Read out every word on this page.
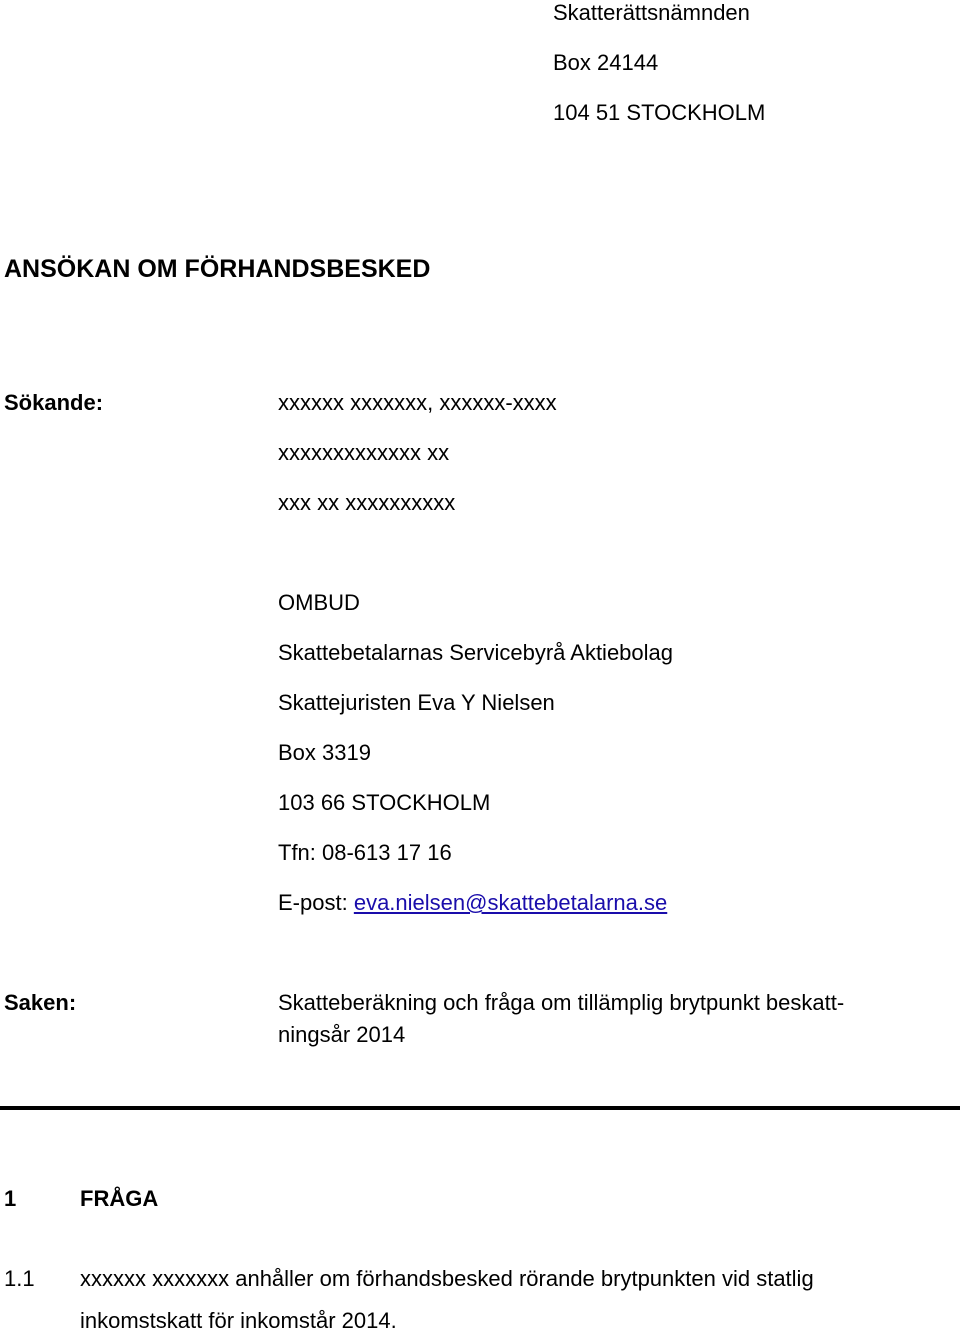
Skatterättsnämnden
Box 24144
104 51 STOCKHOLM
ANSÖKAN OM FÖRHANDSBESKED
Sökande:	xxxxxx xxxxxxx, xxxxxx-xxxx
xxxxxxxxxxxxx xx
xxx xx xxxxxxxxxx
OMBUD
Skattebetalarnas Servicebyrå Aktiebolag
Skattejuristen Eva Y Nielsen
Box 3319
103 66 STOCKHOLM
Tfn: 08-613 17 16
E-post: eva.nielsen@skattebetalarna.se
Saken:	Skatteberäkning och fråga om tillämplig brytpunkt beskatt-
ningsår 2014
1	FRÅGA
1.1 xxxxxx xxxxxxx anhåller om förhandsbesked rörande brytpunkten vid statlig
inkomstskatt för inkomstår 2014.
